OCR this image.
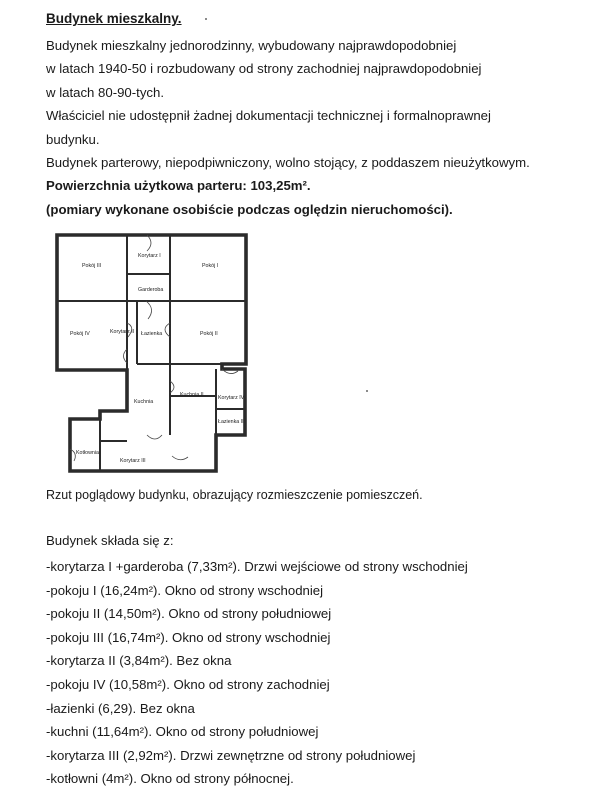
Budynek mieszkalny.

Budynek mieszkalny jednorodzinny, wybudowany najprawdopodobniej

w latach 1940-50 i rozbudowany od strony zachodniej najprawdopodobniej

w latach 80-90-tych.

Właściciel nie udostępnił żadnej dokumentacji technicznej i formalnoprawnej

budynku.

Budynek parterowy, niepodpiwniczony, wolno stojący, z poddaszem nieużytkowym.

Powierzchnia użytkowa parteru: 103,25m².

(pomiary wykonane osobiście podczas oględzin nieruchomości).

Pokój III
Korytarz I
Pokój I
Garderoba
Pokój IV	Korytarz II Łazienka	Pokój II
Kuchnia
Kuchnia II	Korytarz IV
Łazienka II
Kotłownia
Korytarz III

Rzut poglądowy budynku, obrazujący rozmieszczenie pomieszczeń.

Budynek składa się z:

-korytarza I +garderoba (7,33m²). Drzwi wejściowe od strony wschodniej
-pokoju I (16,24m²). Okno od strony wschodniej
-pokoju II (14,50m²). Okno od strony południowej
-pokoju III (16,74m²). Okno od strony wschodniej
-korytarza II (3,84m²). Bez okna
-pokoju IV (10,58m²). Okno od strony zachodniej
-łazienki (6,29). Bez okna
-kuchni (11,64m²). Okno od strony południowej
-korytarza III (2,92m²). Drzwi zewnętrzne od strony południowej
-kotłowni (4m²). Okno od strony północnej.
